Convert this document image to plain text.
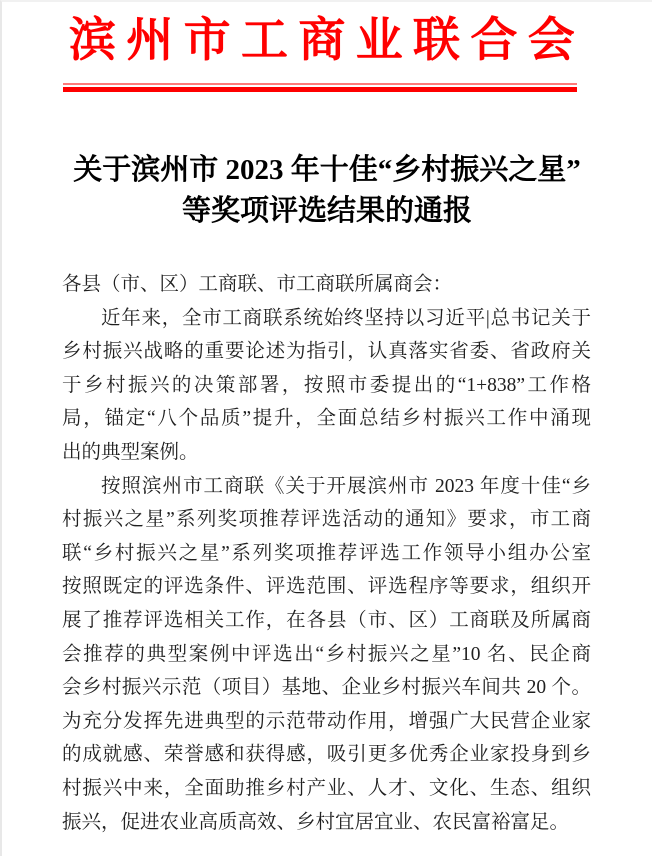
滨州市工商业联合会
关于滨州市 2023 年十佳“乡村振兴之星”
等奖项评选结果的通报
各县（市、区）工商联、市工商联所属商会：
近年来，全市工商联系统始终坚持以习近平|总书记关于
乡村振兴战略的重要论述为指引，认真落实省委、省政府关
于乡村振兴的决策部署，按照市委提出的“1+838”工作格
局，锚定“八个品质”提升，全面总结乡村振兴工作中涌现
出的典型案例。
按照滨州市工商联《关于开展滨州市 2023 年度十佳“乡
村振兴之星”系列奖项推荐评选活动的通知》要求，市工商
联“乡村振兴之星”系列奖项推荐评选工作领导小组办公室
按照既定的评选条件、评选范围、评选程序等要求，组织开
展了推荐评选相关工作，在各县（市、区）工商联及所属商
会推荐的典型案例中评选出“乡村振兴之星”10 名、民企商
会乡村振兴示范（项目）基地、企业乡村振兴车间共 20 个。
为充分发挥先进典型的示范带动作用，增强广大民营企业家
的成就感、荣誉感和获得感，吸引更多优秀企业家投身到乡
村振兴中来，全面助推乡村产业、人才、文化、生态、组织
振兴，促进农业高质高效、乡村宜居宜业、农民富裕富足。
